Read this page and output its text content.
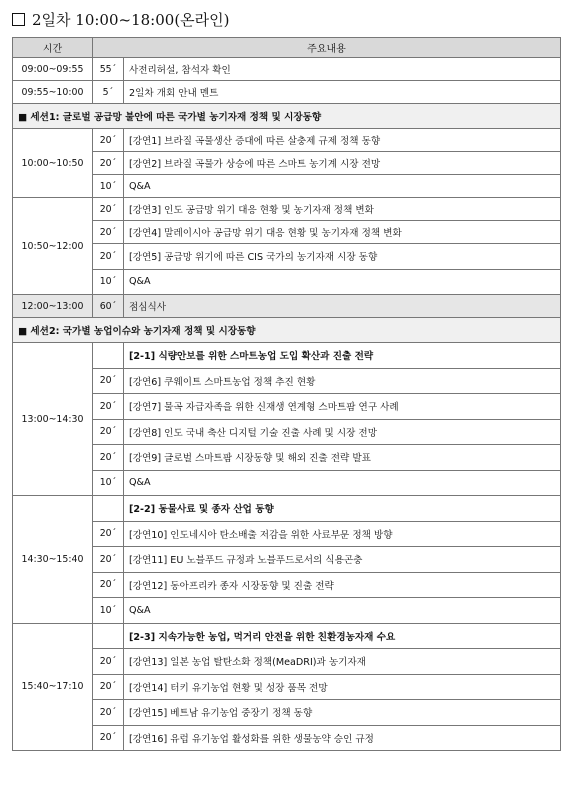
2일차 10:00~18:00(온라인)
시간	주요내용	
09:00~09:55	55´	사전리허설, 참석자 확인
09:55~10:00	5´	2일차 개회 안내 멘트
■ 세션1: 글로벌 공급망 불안에 따른 국가별 농기자재 정책 및 시장동향		
10:00~10:50	20´	[강연1] 브라질 곡물생산 증대에 따른 살충제 규제 정책 동향
	20´	[강연2] 브라질 곡물가 상승에 따른 스마트 농기계 시장 전망
	10´	Q&A
10:50~12:00	20´	[강연3] 인도 공급망 위기 대응 현황 및 농기자재 정책 변화
	20´	[강연4] 말레이시아 공급망 위기 대응 현황 및 농기자재 정책 변화
	20´	[강연5] 공급망 위기에 따른 CIS 국가의 농기자재 시장 동향
	10´	Q&A
12:00~13:00	60´	점심식사
■ 세션2: 국가별 농업이슈와 농기자재 정책 및 시장동향		
13:00~14:30		[2-1] 식량안보를 위한 스마트농업 도입 확산과 진출 전략
	20´	[강연6] 쿠웨이트 스마트농업 정책 추진 현황
	20´	[강연7] 물곡 자급자족을 위한 신재생 연계형 스마트팜 연구 사례
	20´	[강연8] 인도 국내 축산 디지털 기술 진출 사례 및 시장 전망
	20´	[강연9] 글로벌 스마트팜 시장동향 및 해외 진출 전략 발표
	10´	Q&A
14:30~15:40		[2-2] 동물사료 및 종자 산업 동향
	20´	[강연10] 인도네시아 탄소배출 저감을 위한 사료부문 정책 방향
	20´	[강연11] EU 노블푸드 규정과 노블푸드로서의 식용곤충
	20´	[강연12] 동아프리카 종자 시장동향 및 진출 전략
	10´	Q&A
15:40~17:10		[2-3] 지속가능한 농업, 먹거리 안전을 위한 친환경농자재 수요
	20´	[강연13] 일본 농업 탈탄소화 정책(MeaDRI)과 농기자재
	20´	[강연14] 터키 유기농업 현황 및 성장 품목 전망
	20´	[강연15] 베트남 유기농업 중장기 정책 동향
	20´	[강연16] 유럽 유기농업 활성화를 위한 생물농약 승인 규정
